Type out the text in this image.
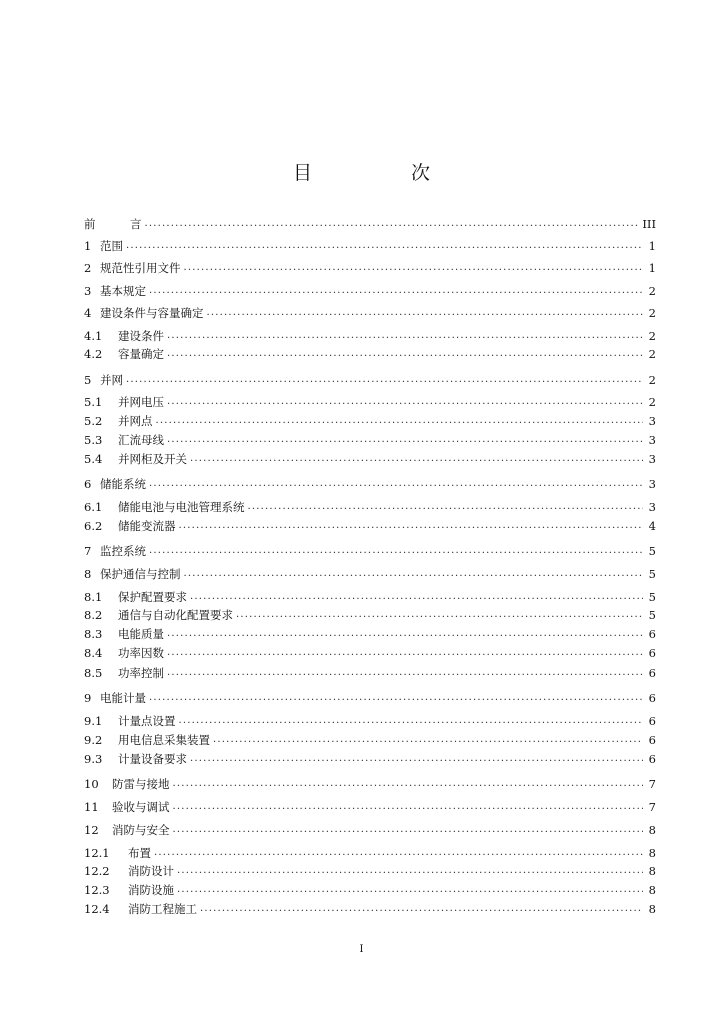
目　次
前	言 .....	III
1 范围 .....	1
2 规范性引用文件 .....	1
3 基本规定 .....	2
4 建设条件与容量确定 .....	2
4.1	建设条件 .....	2
4.2	容量确定 .....	2
5 并网 .....	2
5.1	并网电压 .....	2
5.2	并网点 .....	3
5.3	汇流母线 .....	3
5.4	并网柜及开关 .....	3
6 储能系统 .....	3
6.1	储能电池与电池管理系统 .....	3
6.2	储能变流器 .....	4
7 监控系统 .....	5
8 保护通信与控制 .....	5
8.1	保护配置要求 .....	5
8.2	通信与自动化配置要求 .....	5
8.3	电能质量 .....	6
8.4	功率因数 .....	6
8.5	功率控制 .....	6
9 电能计量 .....	6
9.1	计量点设置 .....	6
9.2	用电信息采集装置 .....	6
9.3	计量设备要求 .....	6
10	防雷与接地 .....	7
11	验收与调试 .....	7
12	消防与安全 .....	8
12.1	布置 .....	8
12.2	消防设计 .....	8
12.3	消防设施 .....	8
12.4	消防工程施工 .....	8
I
